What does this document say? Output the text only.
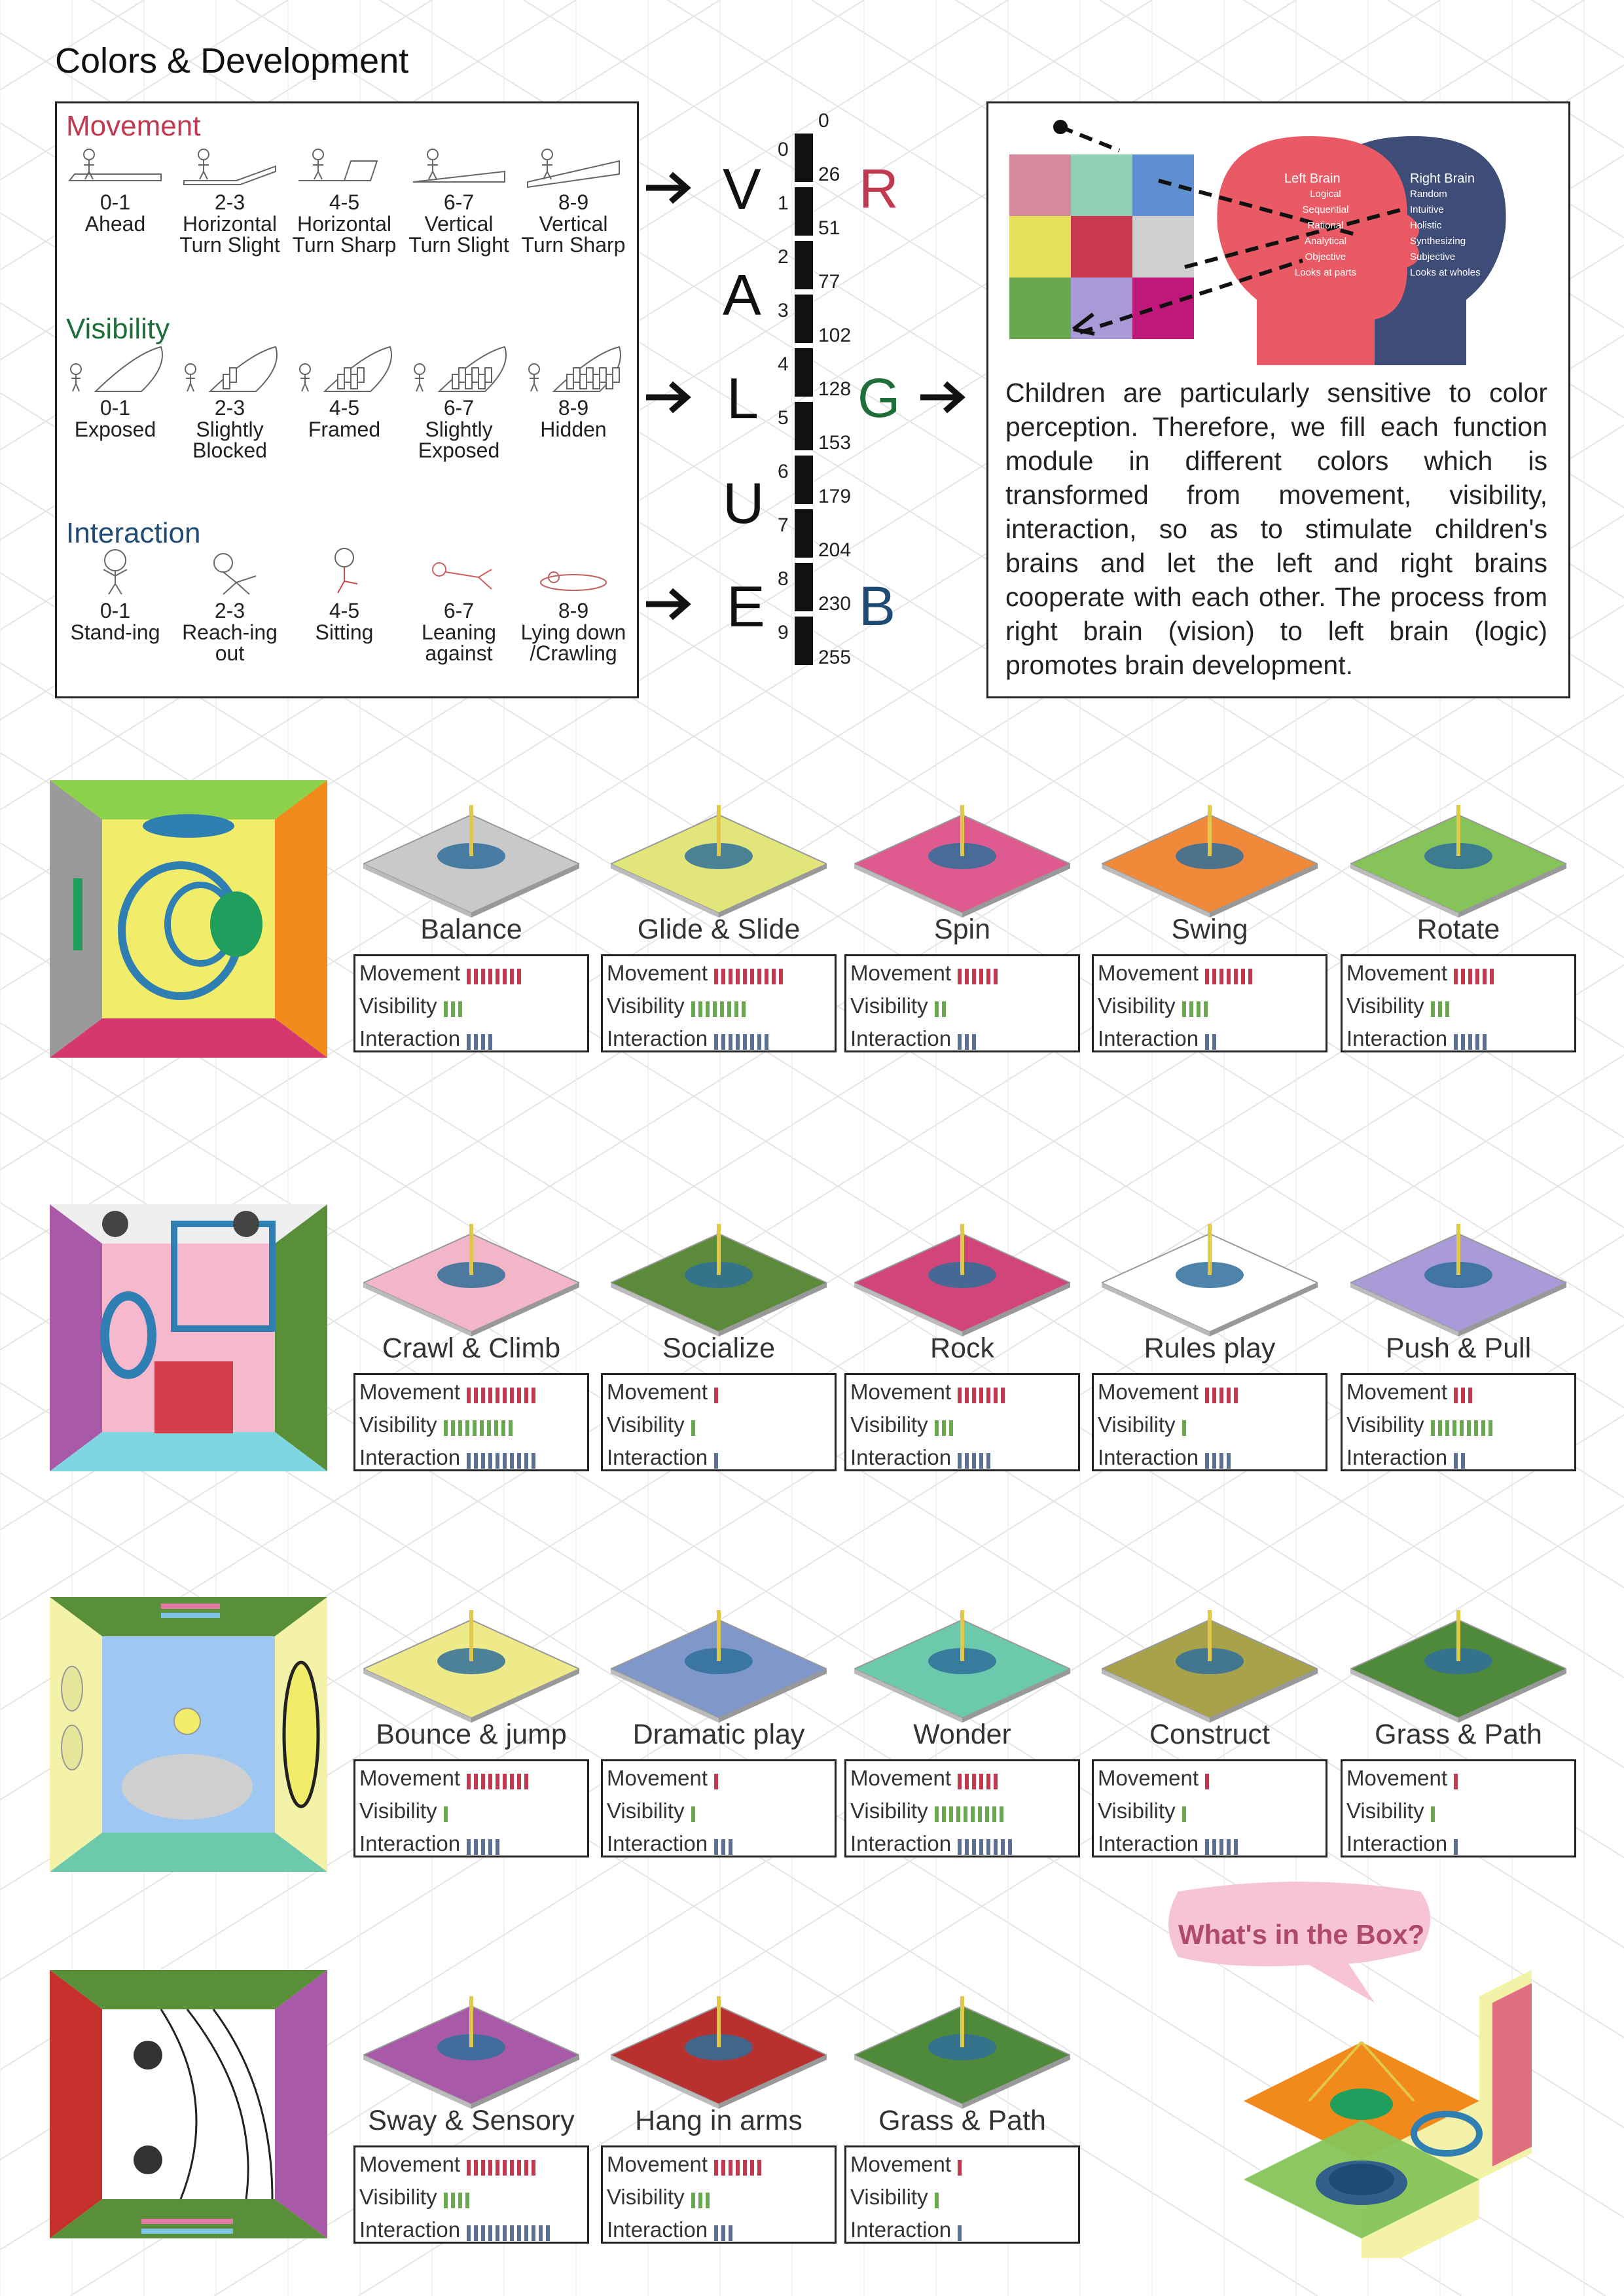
Colors & Development
Movement
0-1
Ahead
2-3
Horizontal Turn Slight
4-5
Horizontal Turn Sharp
6-7
Vertical Turn Slight
8-9
Vertical Turn Sharp
Visibility
0-1
Exposed
2-3
Slightly Blocked
4-5
Framed
6-7
Slightly Exposed
8-9
Hidden
Interaction
0-1
Stand-ing
2-3
Reach-ing out
4-5
Sitting
6-7
Leaning against
8-9
Lying down /Crawling
V
A
L
U
E
0
1
2
3
4
5
6
7
8
9
0
26
51
77
102
128
153
179
204
230
255
R
G
B
Left Brain
Logical
Sequential
Rational
Analytical
Objective
Looks at parts
Right Brain
Random
Intuitive
Holistic
Synthesizing
Subjective
Looks at wholes
Children are particularly sensitive to color perception. Therefore, we fill each function module in different colors which is transformed from movement, visibility, interaction, so as to stimulate children's brains and let the left and right brains cooperate with each other. The process from right brain (vision) to left brain (logic) promotes brain development.
Balance
Movement
Visibility
Interaction
Glide & Slide
Movement
Visibility
Interaction
Spin
Movement
Visibility
Interaction
Swing
Movement
Visibility
Interaction
Rotate
Movement
Visibility
Interaction
Crawl & Climb
Movement
Visibility
Interaction
Socialize
Movement
Visibility
Interaction
Rock
Movement
Visibility
Interaction
Rules play
Movement
Visibility
Interaction
Push & Pull
Movement
Visibility
Interaction
Bounce & jump
Movement
Visibility
Interaction
Dramatic play
Movement
Visibility
Interaction
Wonder
Movement
Visibility
Interaction
Construct
Movement
Visibility
Interaction
Grass & Path
Movement
Visibility
Interaction
Sway & Sensory
Movement
Visibility
Interaction
Hang in arms
Movement
Visibility
Interaction
Grass & Path
Movement
Visibility
Interaction
What's in the Box?
